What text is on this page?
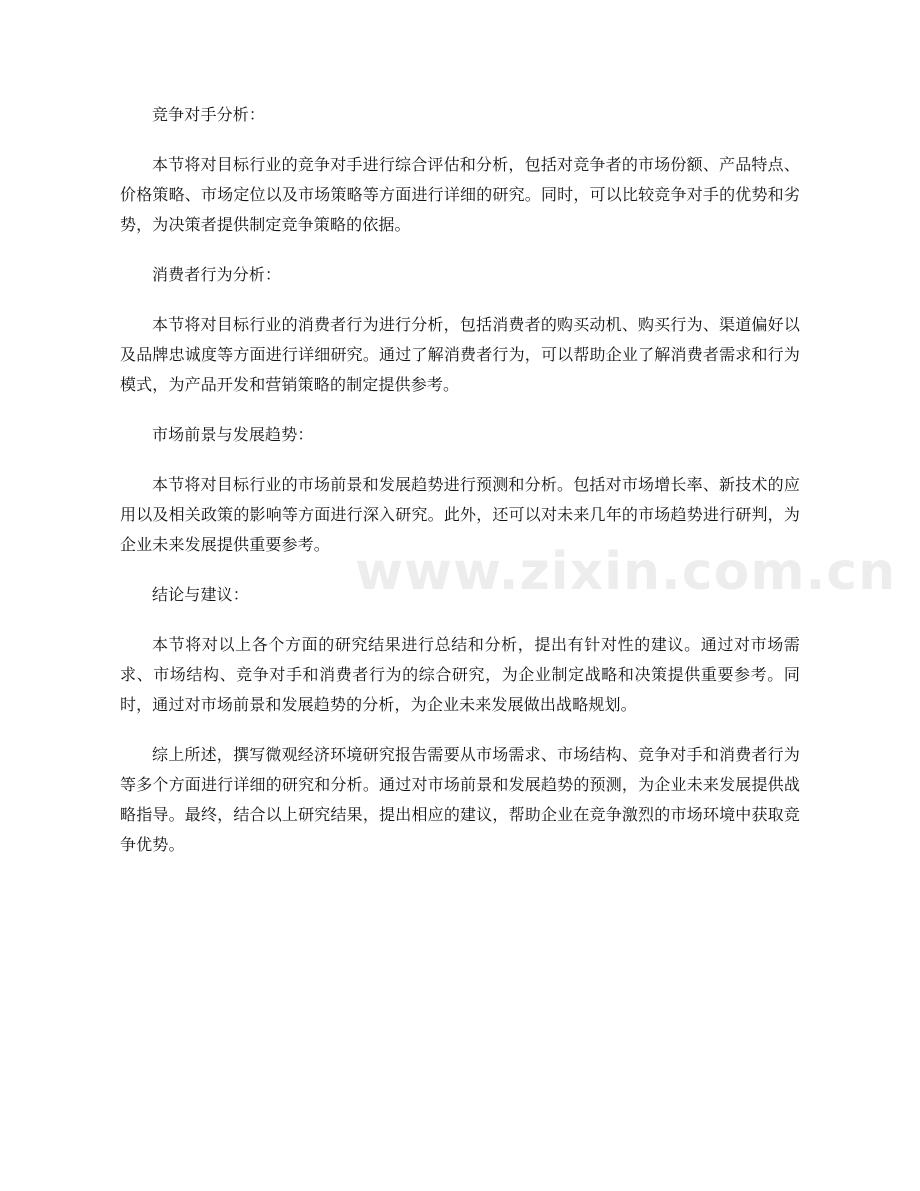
竞争对手分析：

本节将对目标行业的竞争对手进行综合评估和分析，包括对竞争者的市场份额、产品特点、价格策略、市场定位以及市场策略等方面进行详细的研究。同时，可以比较竞争对手的优势和劣势，为决策者提供制定竞争策略的依据。

消费者行为分析：

本节将对目标行业的消费者行为进行分析，包括消费者的购买动机、购买行为、渠道偏好以及品牌忠诚度等方面进行详细研究。通过了解消费者行为，可以帮助企业了解消费者需求和行为模式，为产品开发和营销策略的制定提供参考。

市场前景与发展趋势：

本节将对目标行业的市场前景和发展趋势进行预测和分析。包括对市场增长率、新技术的应用以及相关政策的影响等方面进行深入研究。此外，还可以对未来几年的市场趋势进行研判，为企业未来发展提供重要参考。

结论与建议：

本节将对以上各个方面的研究结果进行总结和分析，提出有针对性的建议。通过对市场需求、市场结构、竞争对手和消费者行为的综合研究，为企业制定战略和决策提供重要参考。同时，通过对市场前景和发展趋势的分析，为企业未来发展做出战略规划。

综上所述，撰写微观经济环境研究报告需要从市场需求、市场结构、竞争对手和消费者行为等多个方面进行详细的研究和分析。通过对市场前景和发展趋势的预测，为企业未来发展提供战略指导。最终，结合以上研究结果，提出相应的建议，帮助企业在竞争激烈的市场环境中获取竞争优势。

www.zixin.com.cn
